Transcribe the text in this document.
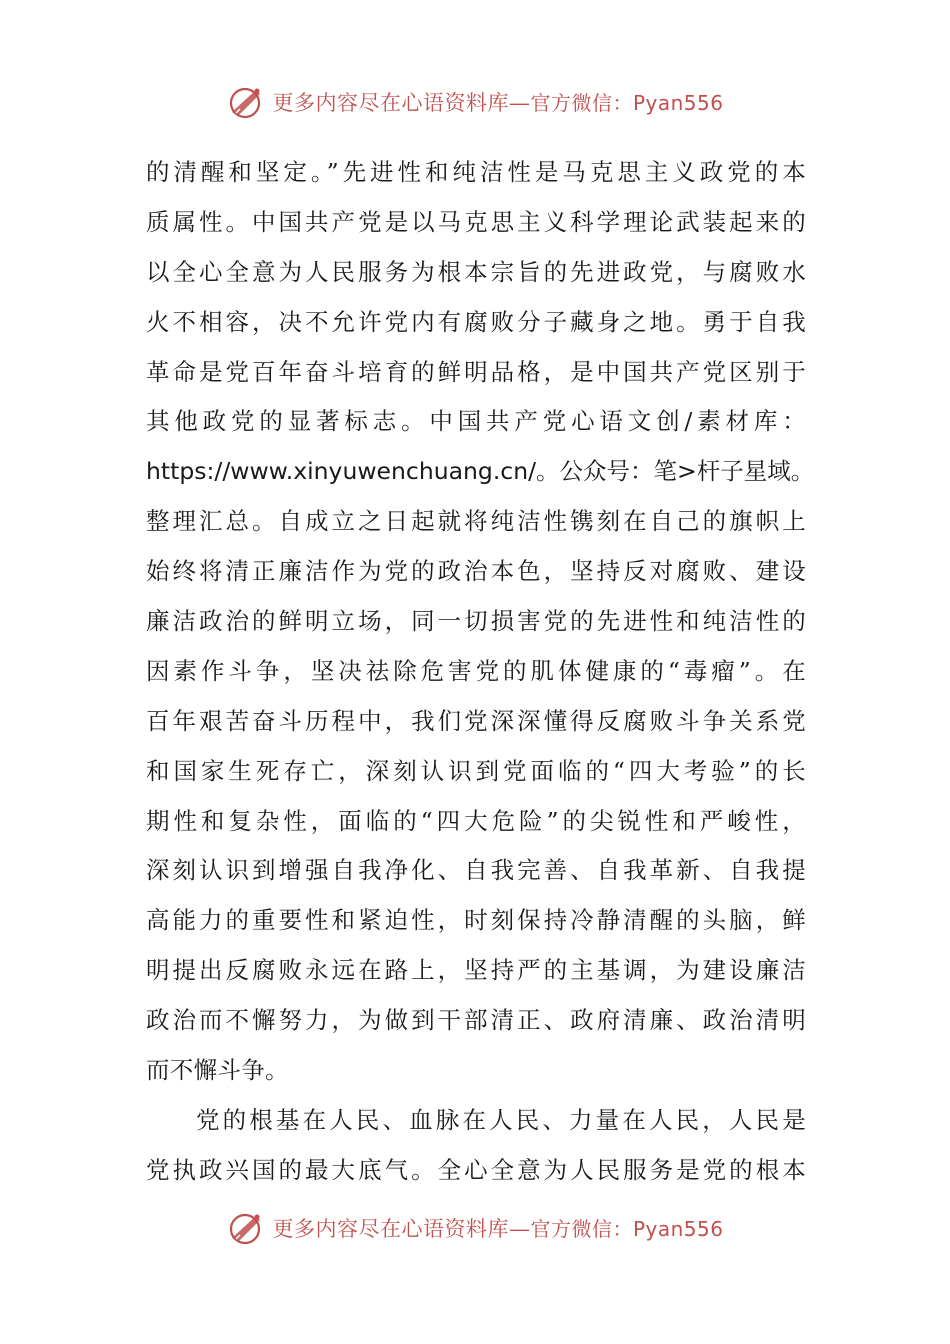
更多内容尽在心语资料库—官方微信：Pyan556
的清醒和坚定。”先进性和纯洁性是马克思主义政党的本
质属性。中国共产党是以马克思主义科学理论武装起来的
以全心全意为人民服务为根本宗旨的先进政党，与腐败水
火不相容，决不允许党内有腐败分子藏身之地。勇于自我
革命是党百年奋斗培育的鲜明品格，是中国共产党区别于
其他政党的显著标志。中国共产党心语文创/素材库：
https://www.xinyuwenchuang.cn/。公众号：笔>杆子星域。
整理汇总。自成立之日起就将纯洁性镌刻在自己的旗帜上
始终将清正廉洁作为党的政治本色，坚持反对腐败、建设
廉洁政治的鲜明立场，同一切损害党的先进性和纯洁性的
因素作斗争，坚决祛除危害党的肌体健康的“毒瘤”。在
百年艰苦奋斗历程中，我们党深深懂得反腐败斗争关系党
和国家生死存亡，深刻认识到党面临的“四大考验”的长
期性和复杂性，面临的“四大危险”的尖锐性和严峻性，
深刻认识到增强自我净化、自我完善、自我革新、自我提
高能力的重要性和紧迫性，时刻保持冷静清醒的头脑，鲜
明提出反腐败永远在路上，坚持严的主基调，为建设廉洁
政治而不懈努力，为做到干部清正、政府清廉、政治清明
而不懈斗争。
党的根基在人民、血脉在人民、力量在人民，人民是
党执政兴国的最大底气。全心全意为人民服务是党的根本
更多内容尽在心语资料库—官方微信：Pyan556
